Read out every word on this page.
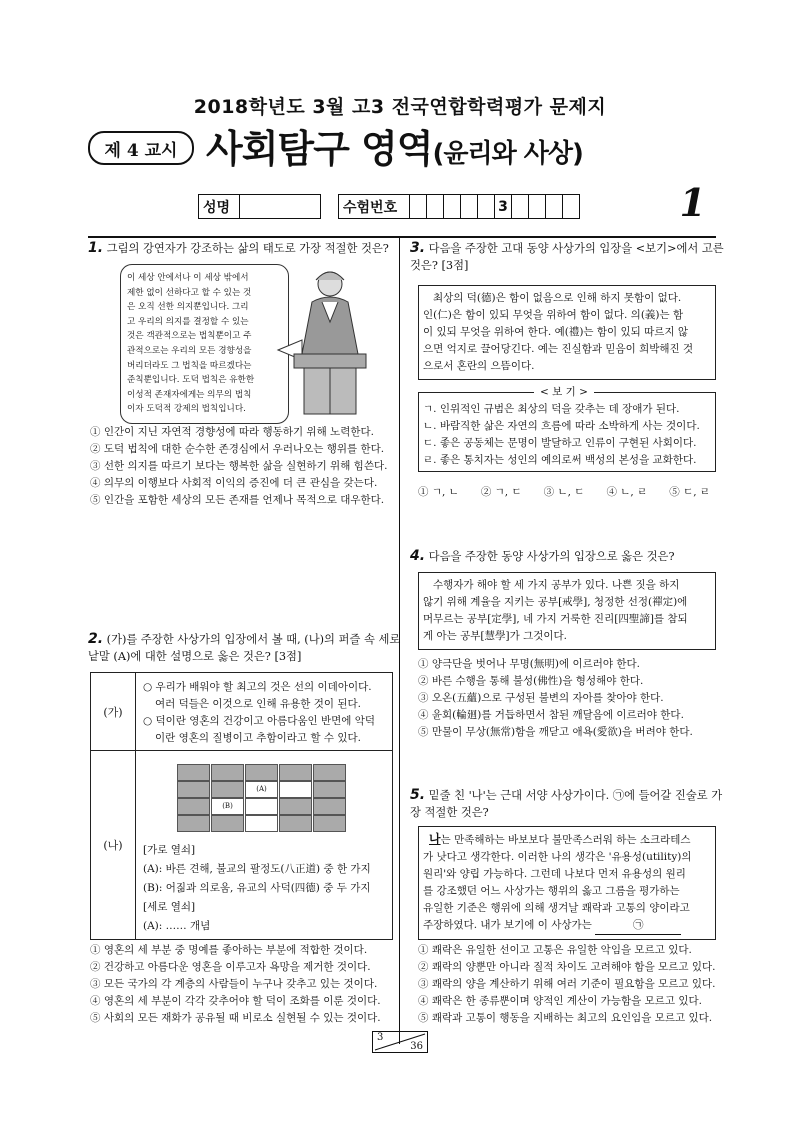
2018학년도 3월 고3 전국연합학력평가 문제지
제 4 교시 사회탐구 영역(윤리와 사상)
성명		수험번호						3					1
1. 그림의 강연자가 강조하는 삶의 태도로 가장 적절한 것은?
이 세상 안에서나 이 세상 밖에서
제한 없이 선하다고 할 수 있는 것
은 오직 선한 의지뿐입니다. 그리
고 우리의 의지를 결정할 수 있는
것은 객관적으로는 법칙뿐이고 주
관적으로는 우리의 모든 경향성을
버리더라도 그 법칙을 따르겠다는
준칙뿐입니다. 도덕 법칙은 유한한
이성적 존재자에게는 의무의 법칙
이자 도덕적 강제의 법칙입니다.
① 인간이 지닌 자연적 경향성에 따라 행동하기 위해 노력한다.
② 도덕 법칙에 대한 순수한 존경심에서 우러나오는 행위를 한다.
③ 선한 의지를 따르기 보다는 행복한 삶을 실현하기 위해 힘쓴다.
④ 의무의 이행보다 사회적 이익의 증진에 더 큰 관심을 갖는다.
⑤ 인간을 포함한 세상의 모든 존재를 언제나 목적으로 대우한다.
2. (가)를 주장한 사상가의 입장에서 볼 때, (나)의 퍼즐 속 세로
낱말 (A)에 대한 설명으로 옳은 것은? [3점]
(가)
○ 우리가 배워야 할 최고의 것은 선의 이데아이다.
여러 덕들은 이것으로 인해 유용한 것이 된다.
○ 덕이란 영혼의 건강이고 아름다움인 반면에 악덕
이란 영혼의 질병이고 추함이라고 할 수 있다.
(나)
(A)
(B)
[가로 열쇠]
(A): 바른 견해, 불교의 팔정도(八正道) 중 한 가지
(B): 어짊과 의로움, 유교의 사덕(四德) 중 두 가지
[세로 열쇠]
(A): …… 개념
① 영혼의 세 부분 중 명예를 좋아하는 부분에 적합한 것이다.
② 건강하고 아름다운 영혼을 이루고자 욕망을 제거한 것이다.
③ 모든 국가의 각 계층의 사람들이 누구나 갖추고 있는 것이다.
④ 영혼의 세 부분이 각각 갖추어야 할 덕이 조화를 이룬 것이다.
⑤ 사회의 모든 재화가 공유될 때 비로소 실현될 수 있는 것이다.
3. 다음을 주장한 고대 동양 사상가의 입장을 <보기>에서 고른
것은? [3점]
최상의 덕(德)은 함이 없음으로 인해 하지 못함이 없다.
인(仁)은 함이 있되 무엇을 위하여 함이 없다. 의(義)는 함
이 있되 무엇을 위하여 한다. 예(禮)는 함이 있되 따르지 않
으면 억지로 끌어당긴다. 예는 진실함과 믿음이 희박해진 것
으로서 혼란의 으뜸이다.
ㄱ. 인위적인 규범은 최상의 덕을 갖추는 데 장애가 된다.
ㄴ. 바람직한 삶은 자연의 흐름에 따라 소박하게 사는 것이다.
ㄷ. 좋은 공동체는 문명이 발달하고 인류이 구현된 사회이다.
ㄹ. 좋은 통치자는 성인의 예의로써 백성의 본성을 교화한다.
< 보 기 >
① ㄱ, ㄴ ② ㄱ, ㄷ ③ ㄴ, ㄷ ④ ㄴ, ㄹ ⑤ ㄷ, ㄹ
4. 다음을 주장한 동양 사상가의 입장으로 옳은 것은?
수행자가 해야 할 세 가지 공부가 있다. 나쁜 짓을 하지
않기 위해 계율을 지키는 공부[戒學], 청정한 선정(禪定)에
머무르는 공부[定學], 네 가지 거룩한 진리[四聖諦]를 참되
게 아는 공부[慧學]가 그것이다.
① 양극단을 벗어나 무명(無明)에 이르러야 한다.
② 바른 수행을 통해 불성(佛性)을 형성해야 한다.
③ 오온(五蘊)으로 구성된 불변의 자아를 찾아야 한다.
④ 윤회(輪廻)를 거듭하면서 참된 깨달음에 이르러야 한다.
⑤ 만물이 무상(無常)함을 깨닫고 애욕(愛欲)을 버려야 한다.
5. 밑줄 친 '나'는 근대 서양 사상가이다. ㉠에 들어갈 진술로 가
장 적절한 것은?
나는 만족해하는 바보보다 불만족스러워 하는 소크라테스
가 낫다고 생각한다. 이러한 나의 생각은 '유용성(utility)의
원리'와 양립 가능하다. 그런데 나보다 먼저 유용성의 원리
를 강조했던 어느 사상가는 행위의 옳고 그름을 평가하는
유일한 기준은 행위에 의해 생겨날 쾌락과 고통의 양이라고
주장하였다. 내가 보기에 이 사상가는	㉠
① 쾌락은 유일한 선이고 고통은 유일한 악임을 모르고 있다.
② 쾌락의 양뿐만 아니라 질적 차이도 고려해야 함을 모르고 있다.
③ 쾌락의 양을 계산하기 위해 여러 기준이 필요함을 모르고 있다.
④ 쾌락은 한 종류뿐이며 양적인 계산이 가능함을 모르고 있다.
⑤ 쾌락과 고통이 행동을 지배하는 최고의 요인임을 모르고 있다.
3
36
